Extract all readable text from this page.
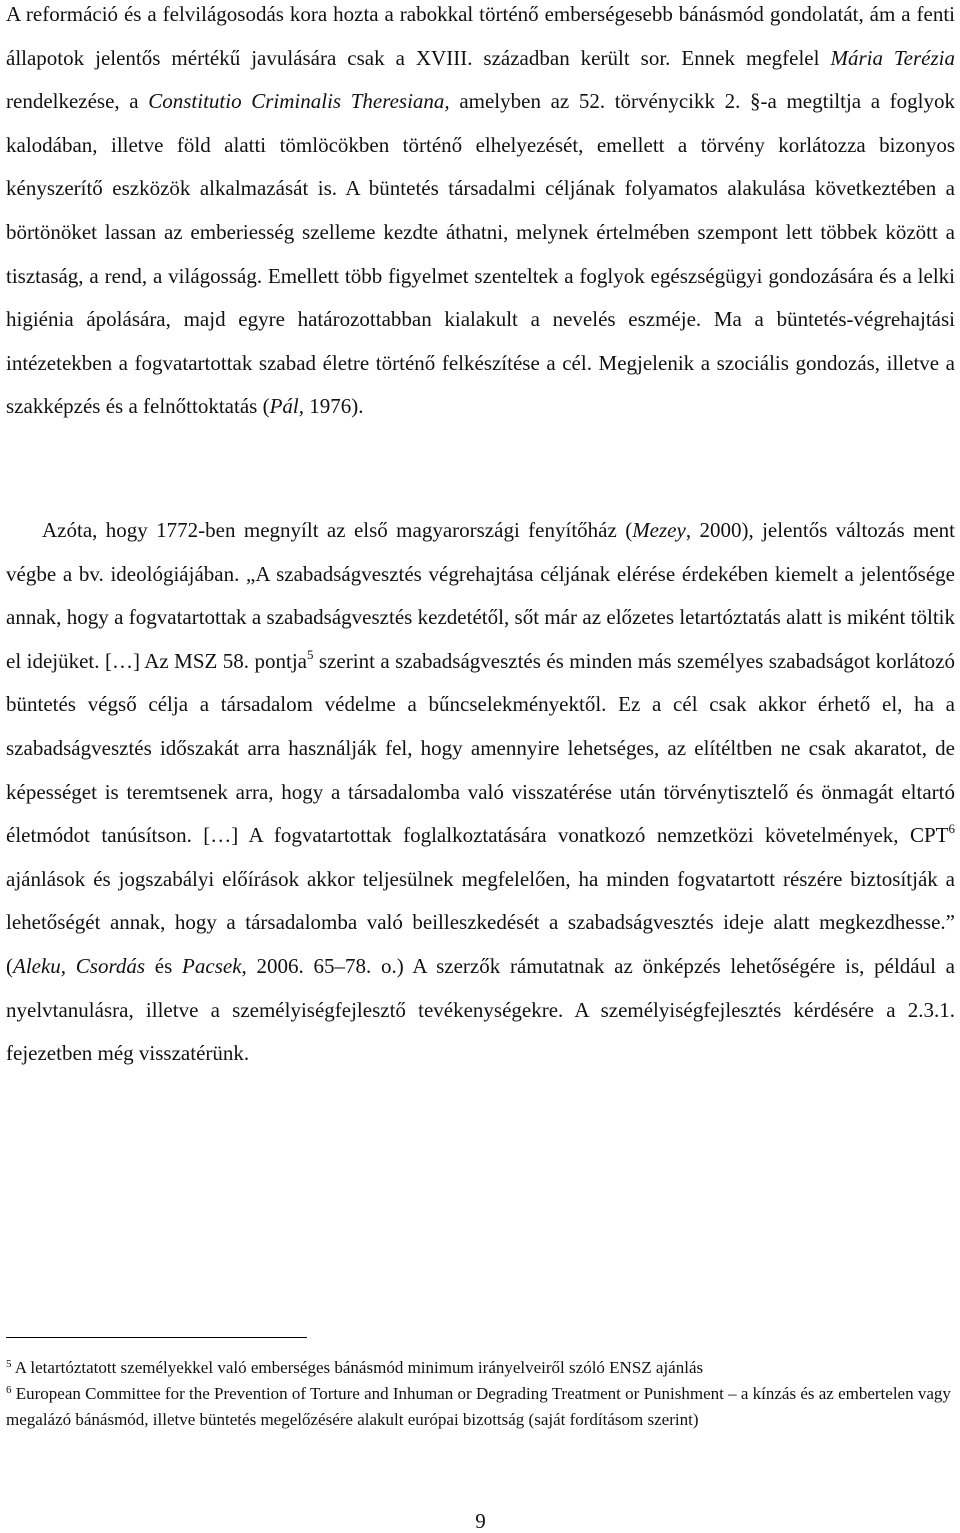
A reformáció és a felvilágosodás kora hozta a rabokkal történő emberségesebb bánásmód gondolatát, ám a fenti állapotok jelentős mértékű javulására csak a XVIII. században került sor. Ennek megfelel Mária Terézia rendelkezése, a Constitutio Criminalis Theresiana, amelyben az 52. törvénycikk 2. §-a megtiltja a foglyok kalodában, illetve föld alatti tömlöcökben történő elhelyezését, emellett a törvény korlátozza bizonyos kényszerítő eszközök alkalmazását is. A büntetés társadalmi céljának folyamatos alakulása következtében a börtönöket lassan az emberiesség szelleme kezdte áthatni, melynek értelmében szempont lett többek között a tisztaság, a rend, a világosság. Emellett több figyelmet szenteltek a foglyok egészségügyi gondozására és a lelki higiénia ápolására, majd egyre határozottabban kialakult a nevelés eszméje. Ma a büntetés-végrehajtási intézetekben a fogvatartottak szabad életre történő felkészítése a cél. Megjelenik a szociális gondozás, illetve a szakképzés és a felnőttoktatás (Pál, 1976).

Azóta, hogy 1772-ben megnyílt az első magyarországi fenyítőház (Mezey, 2000), jelentős változás ment végbe a bv. ideológiájában. „A szabadságvesztés végrehajtása céljának elérése érdekében kiemelt a jelentősége annak, hogy a fogvatartottak a szabadságvesztés kezdetétől, sőt már az előzetes letartóztatás alatt is miként töltik el idejüket. […] Az MSZ 58. pontja$^5$ szerint a szabadságvesztés és minden más személyes szabadságot korlátozó büntetés végső célja a társadalom védelme a bűncselekményektől. Ez a cél csak akkor érhető el, ha a szabadságvesztés időszakát arra használják fel, hogy amennyire lehetséges, az elítéltben ne csak akaratot, de képességet is teremtsenek arra, hogy a társadalomba való visszatérése után törvénytisztelő és önmagát eltartó életmódot tanúsítson. […] A fogvatartottak foglalkoztatására vonatkozó nemzetközi követelmények, CPT$^6$ ajánlások és jogszabályi előírások akkor teljesülnek megfelelően, ha minden fogvatartott részére biztosítják a lehetőségét annak, hogy a társadalomba való beilleszkedését a szabadságvesztés ideje alatt megkezdhesse.” (Aleku, Csordás és Pacsek, 2006. 65–78. o.) A szerzők rámutatnak az önképzés lehetőségére is, például a nyelvtanulásra, illetve a személyiségfejlesztő tevékenységekre. A személyiségfejlesztés kérdésére a 2.3.1. fejezetben még visszatérünk.

$^5$ A letartóztatott személyekkel való emberséges bánásmód minimum irányelveiről szóló ENSZ ajánlás

$^6$ European Committee for the Prevention of Torture and Inhuman or Degrading Treatment or Punishment – a kínzás és az embertelen vagy megalázó bánásmód, illetve büntetés megelőzésére alakult európai bizottság (saját fordításom szerint)

9
